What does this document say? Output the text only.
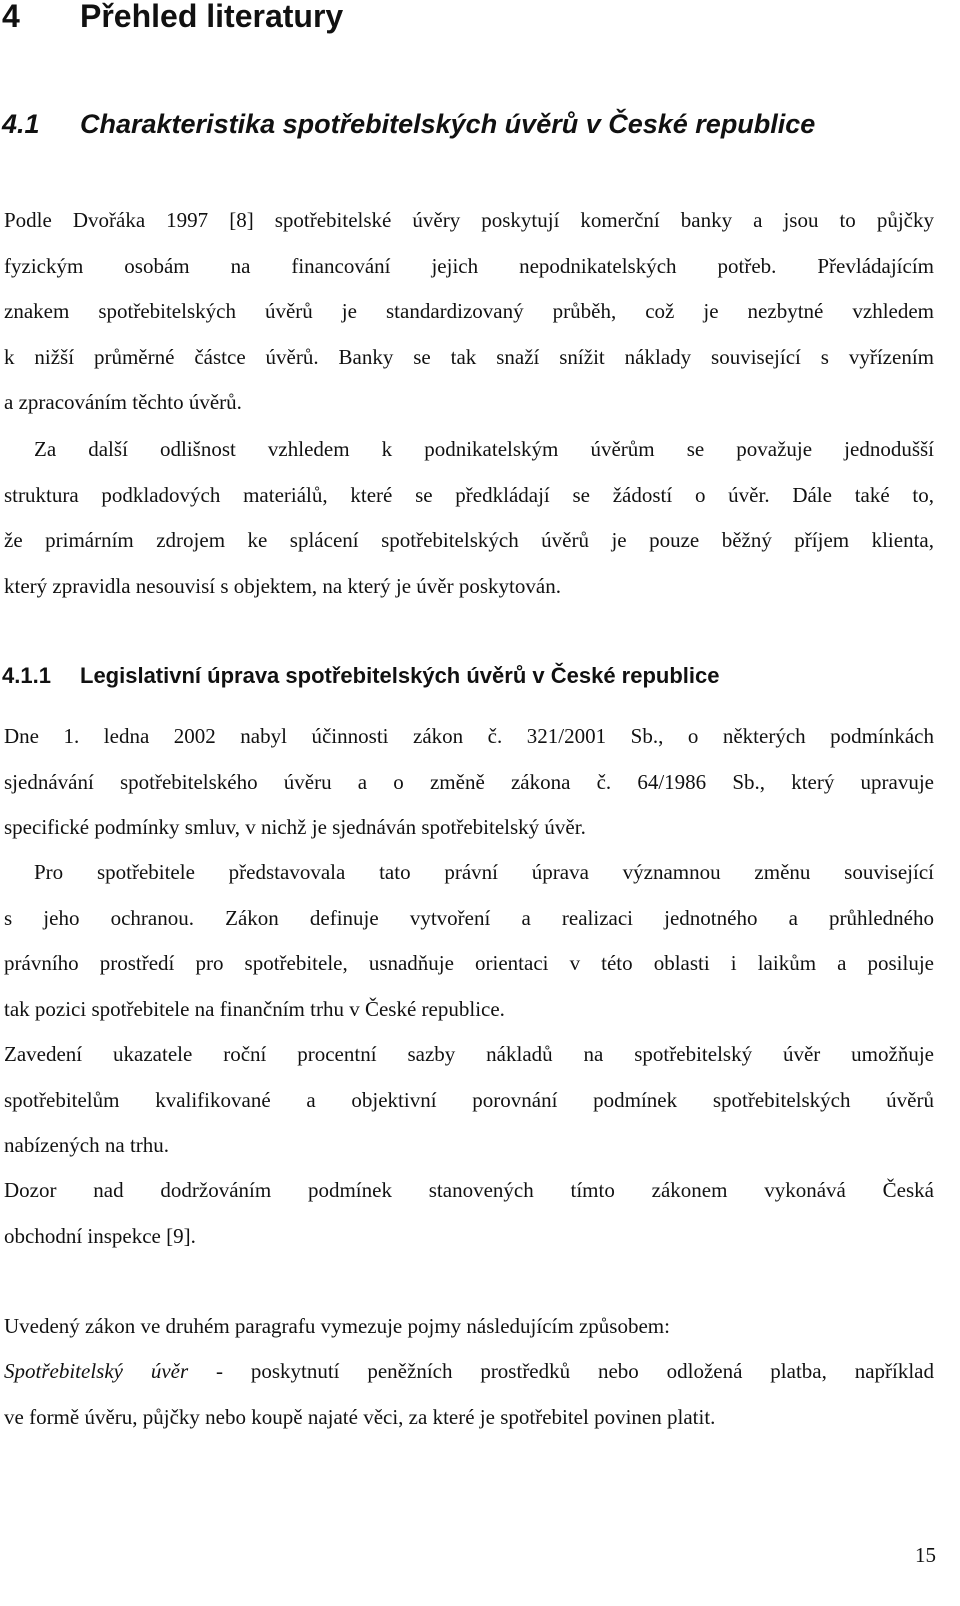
4 Přehled literatury
4.1 Charakteristika spotřebitelských úvěrů v České republice
Podle Dvořáka 1997 [8] spotřebitelské úvěry poskytují komerční banky a jsou to půjčky
fyzickým osobám na financování jejich nepodnikatelských potřeb. Převládajícím
znakem spotřebitelských úvěrů je standardizovaný průběh, což je nezbytné vzhledem
k nižší průměrné částce úvěrů. Banky se tak snaží snížit náklady související s vyřízením
a zpracováním těchto úvěrů.
Za další odlišnost vzhledem k podnikatelským úvěrům se považuje jednodušší
struktura podkladových materiálů, které se předkládají se žádostí o úvěr. Dále také to,
že primárním zdrojem ke splácení spotřebitelských úvěrů je pouze běžný příjem klienta,
který zpravidla nesouvisí s objektem, na který je úvěr poskytován.
4.1.1 Legislativní úprava spotřebitelských úvěrů v České republice
Dne 1. ledna 2002 nabyl účinnosti zákon č. 321/2001 Sb., o některých podmínkách
sjednávání spotřebitelského úvěru a o změně zákona č. 64/1986 Sb., který upravuje
specifické podmínky smluv, v nichž je sjednáván spotřebitelský úvěr.
Pro spotřebitele představovala tato právní úprava významnou změnu související
s jeho ochranou. Zákon definuje vytvoření a realizaci jednotného a průhledného
právního prostředí pro spotřebitele, usnadňuje orientaci v této oblasti i laikům a posiluje
tak pozici spotřebitele na finančním trhu v České republice.
Zavedení ukazatele roční procentní sazby nákladů na spotřebitelský úvěr umožňuje
spotřebitelům kvalifikované a objektivní porovnání podmínek spotřebitelských úvěrů
nabízených na trhu.
Dozor nad dodržováním podmínek stanovených tímto zákonem vykonává Česká
obchodní inspekce [9].
Uvedený zákon ve druhém paragrafu vymezuje pojmy následujícím způsobem:
Spotřebitelský úvěr - poskytnutí peněžních prostředků nebo odložená platba, například
ve formě úvěru, půjčky nebo koupě najaté věci, za které je spotřebitel povinen platit.
15
